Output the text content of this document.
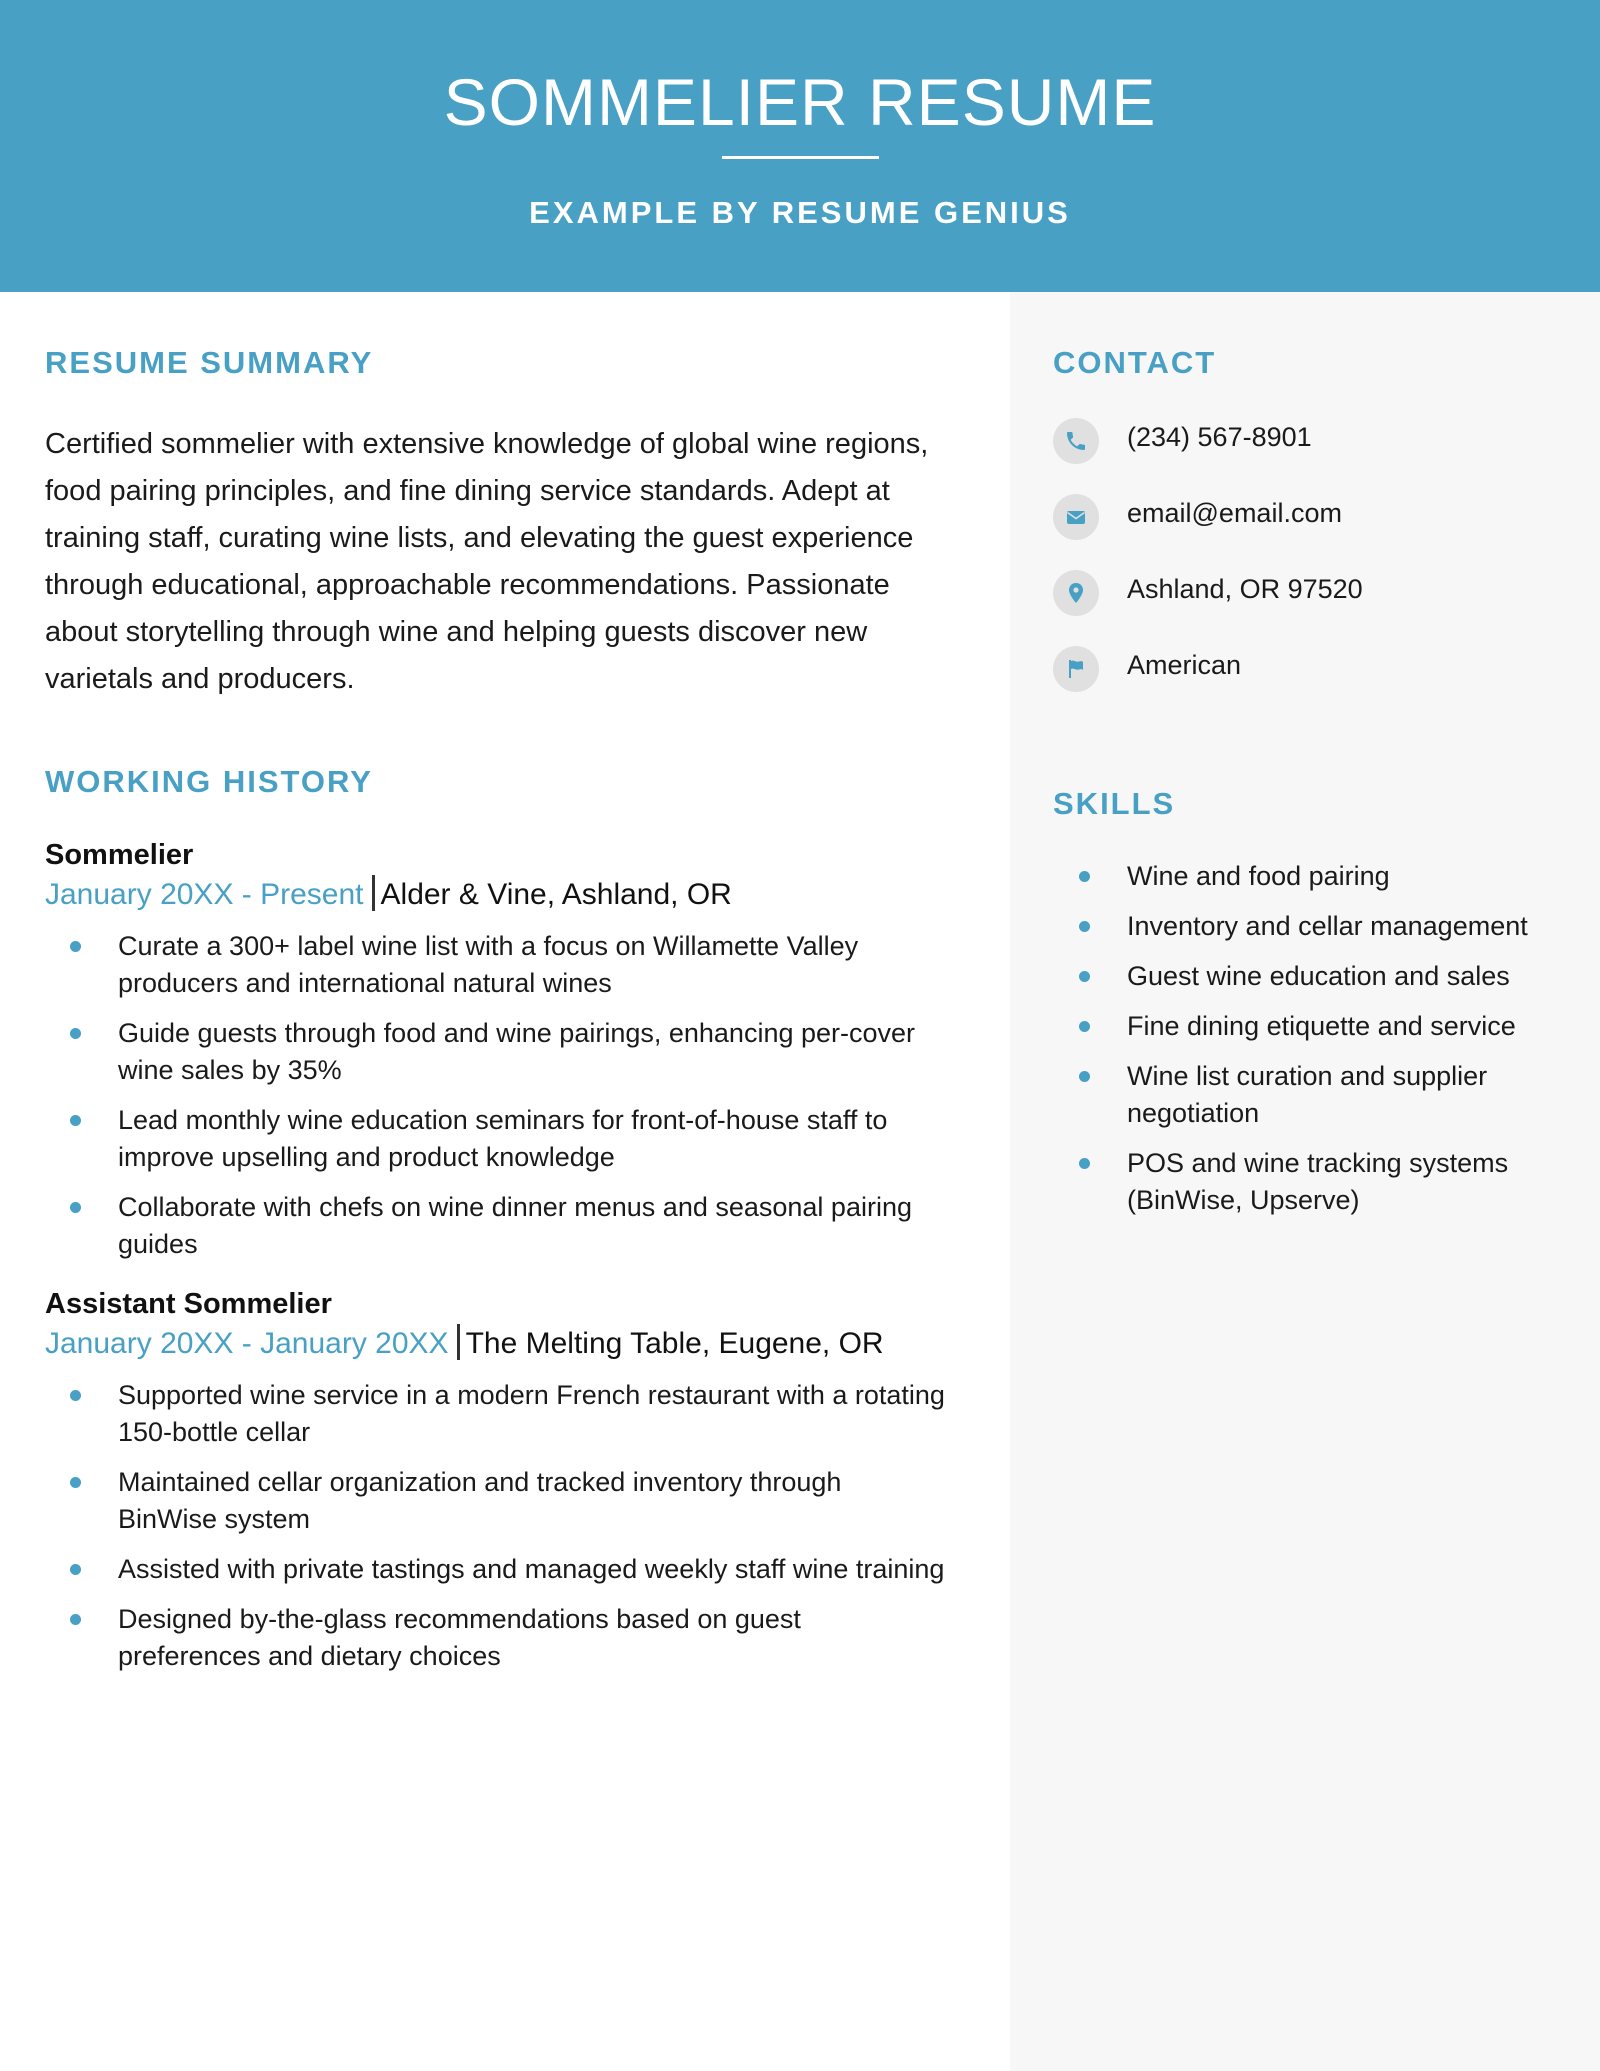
SOMMELIER RESUME
EXAMPLE BY RESUME GENIUS
RESUME SUMMARY

Certified sommelier with extensive knowledge of global wine regions, food pairing principles, and fine dining service standards. Adept at training staff, curating wine lists, and elevating the guest experience through educational, approachable recommendations. Passionate about storytelling through wine and helping guests discover new varietals and producers.

WORKING HISTORY
Sommelier
January 20XX - Present Alder & Vine, Ashland, OR
Curate a 300+ label wine list with a focus on Willamette Valley producers and international natural wines
Guide guests through food and wine pairings, enhancing per-cover wine sales by 35%
Lead monthly wine education seminars for front-of-house staff to improve upselling and product knowledge
Collaborate with chefs on wine dinner menus and seasonal pairing guides
Assistant Sommelier
January 20XX - January 20XX The Melting Table, Eugene, OR
Supported wine service in a modern French restaurant with a rotating 150-bottle cellar
Maintained cellar organization and tracked inventory through BinWise system
Assisted with private tastings and managed weekly staff wine training
Designed by-the-glass recommendations based on guest preferences and dietary choices
CONTACT
(234) 567-8901
email@email.com
Ashland, OR 97520
American
SKILLS
Wine and food pairing
Inventory and cellar management
Guest wine education and sales
Fine dining etiquette and service
Wine list curation and supplier negotiation
POS and wine tracking systems (BinWise, Upserve)
